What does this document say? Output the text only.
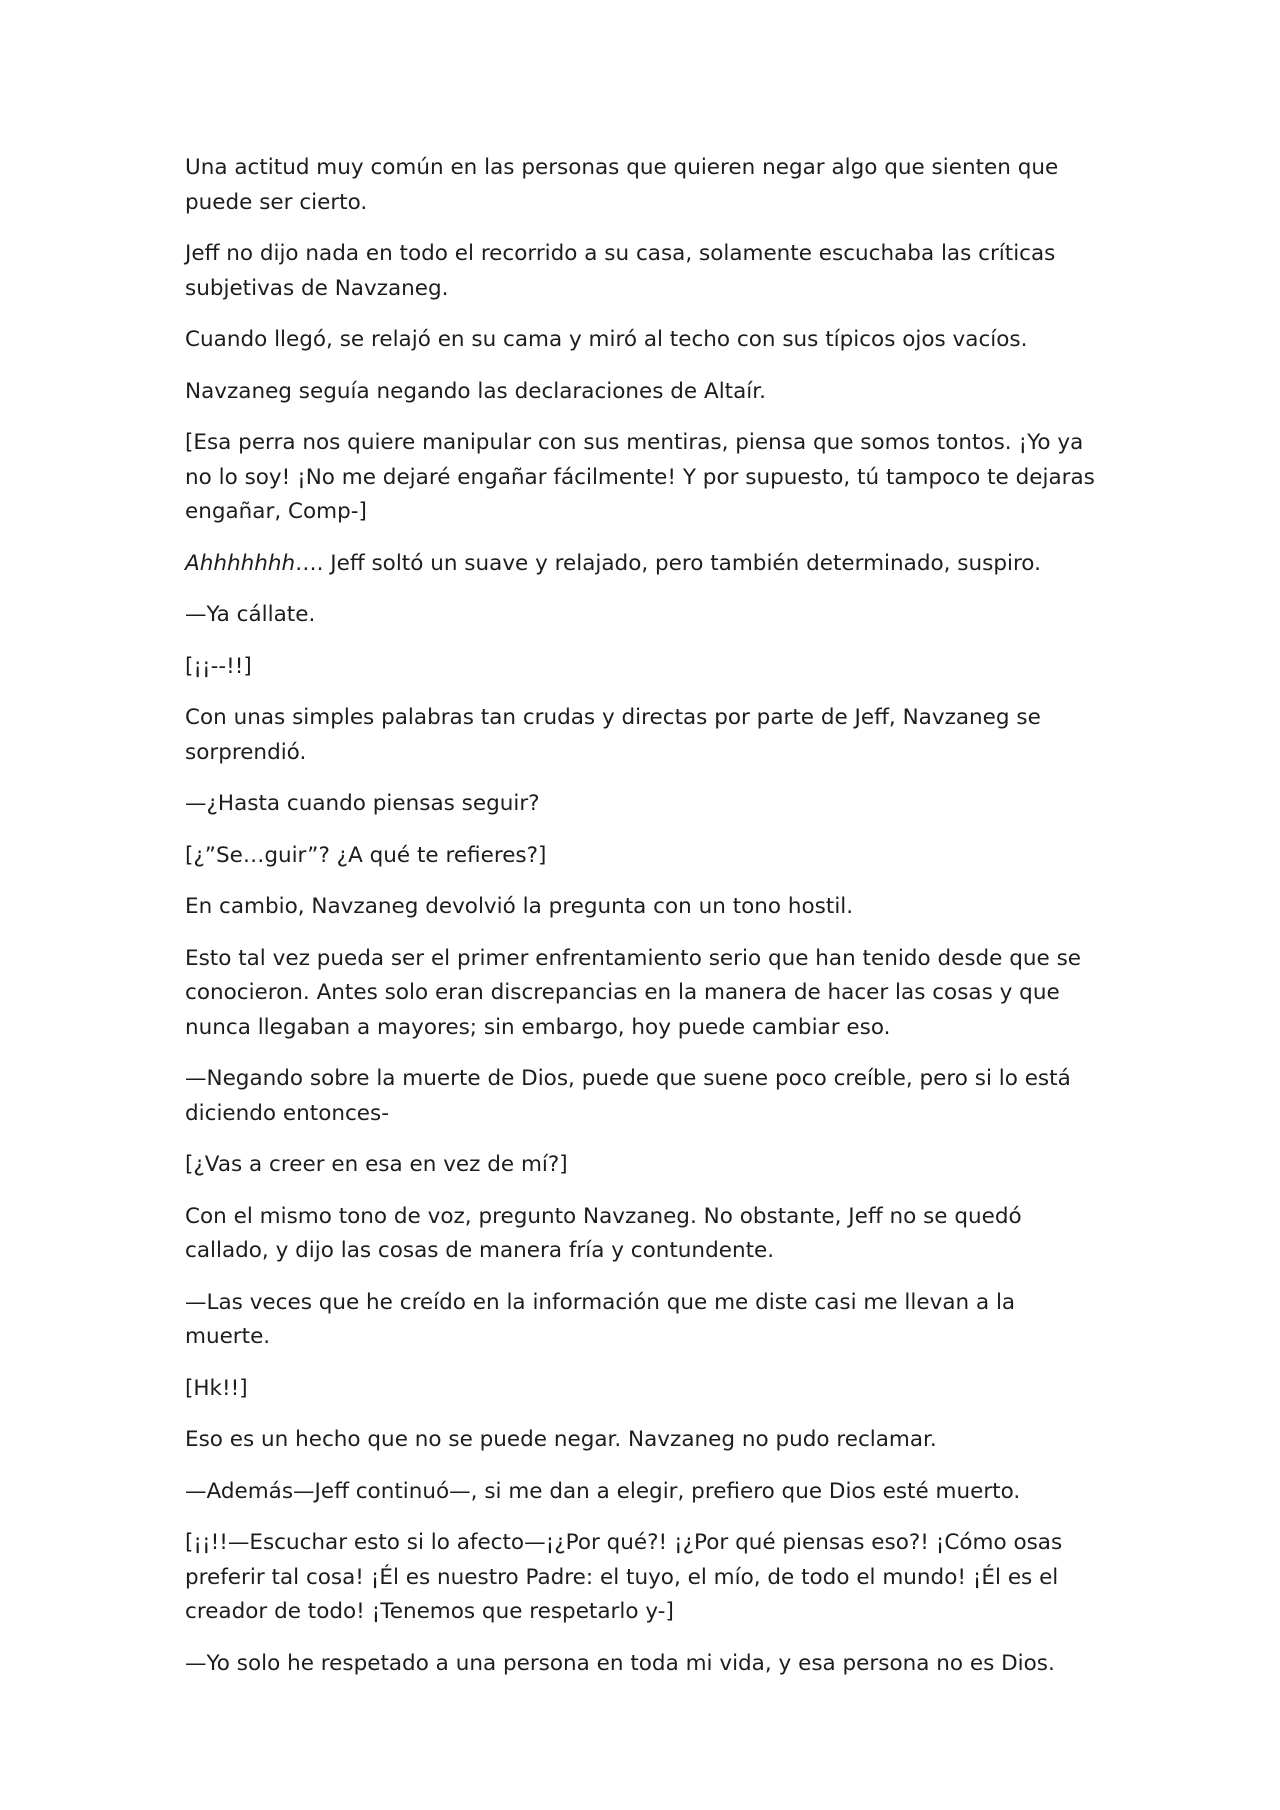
Una actitud muy común en las personas que quieren negar algo que sienten que puede ser cierto.

Jeff no dijo nada en todo el recorrido a su casa, solamente escuchaba las críticas subjetivas de Navzaneg.

Cuando llegó, se relajó en su cama y miró al techo con sus típicos ojos vacíos.

Navzaneg seguía negando las declaraciones de Altaír.

[Esa perra nos quiere manipular con sus mentiras, piensa que somos tontos. ¡Yo ya no lo soy! ¡No me dejaré engañar fácilmente! Y por supuesto, tú tampoco te dejaras engañar, Comp-]

Ahhhhhhh…. Jeff soltó un suave y relajado, pero también determinado, suspiro.

—Ya cállate.

[¡¡--!!]

Con unas simples palabras tan crudas y directas por parte de Jeff, Navzaneg se sorprendió.

—¿Hasta cuando piensas seguir?

[¿”Se…guir”? ¿A qué te refieres?]

En cambio, Navzaneg devolvió la pregunta con un tono hostil.

Esto tal vez pueda ser el primer enfrentamiento serio que han tenido desde que se conocieron. Antes solo eran discrepancias en la manera de hacer las cosas y que nunca llegaban a mayores; sin embargo, hoy puede cambiar eso.

—Negando sobre la muerte de Dios, puede que suene poco creíble, pero si lo está diciendo entonces-

[¿Vas a creer en esa en vez de mí?]

Con el mismo tono de voz, pregunto Navzaneg. No obstante, Jeff no se quedó callado, y dijo las cosas de manera fría y contundente.

—Las veces que he creído en la información que me diste casi me llevan a la muerte.

[Hk!!]

Eso es un hecho que no se puede negar. Navzaneg no pudo reclamar.

—Además—Jeff continuó—, si me dan a elegir, prefiero que Dios esté muerto.

[¡¡!!—Escuchar esto si lo afecto—¡¿Por qué?! ¡¿Por qué piensas eso?! ¡Cómo osas preferir tal cosa! ¡Él es nuestro Padre: el tuyo, el mío, de todo el mundo! ¡Él es el creador de todo! ¡Tenemos que respetarlo y-]

—Yo solo he respetado a una persona en toda mi vida, y esa persona no es Dios.
